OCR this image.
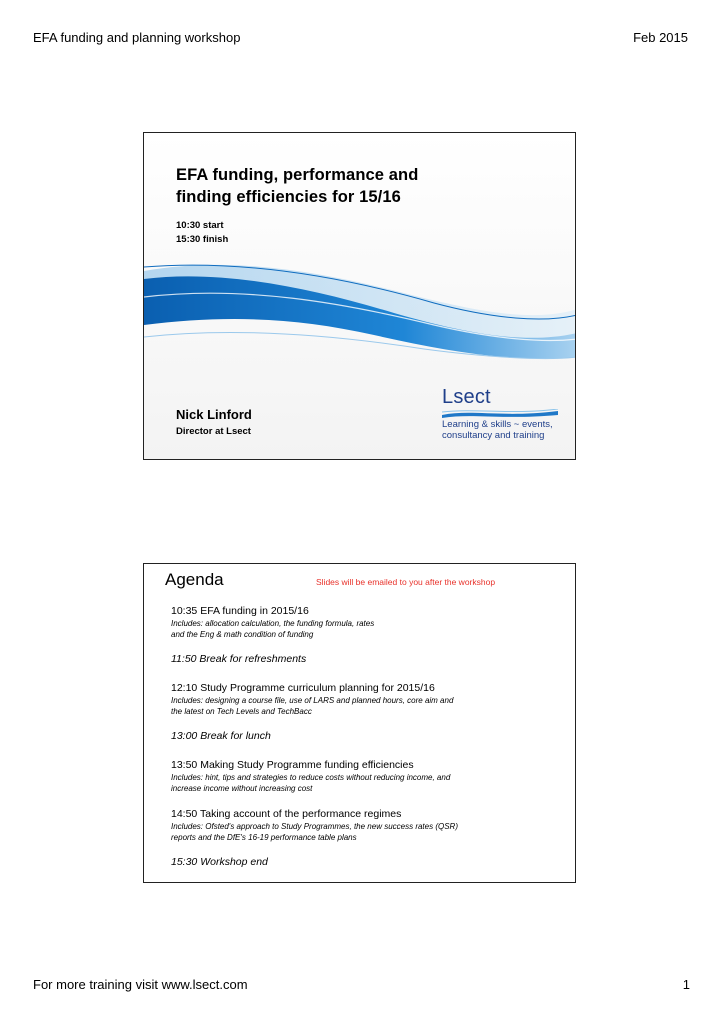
EFA funding and planning workshop	Feb 2015
EFA funding, performance and
finding efficiencies for 15/16
10:30 start
15:30 finish
Nick Linford
Director at Lsect
Lsect
Learning & skills ~ events,
consultancy and training
Agenda	Slides will be emailed to you after the workshop
10:35 EFA funding in 2015/16
Includes: allocation calculation, the funding formula, rates
and the Eng & math condition of funding
11:50 Break for refreshments
12:10 Study Programme curriculum planning for 2015/16
Includes: designing a course file, use of LARS and planned hours, core aim and
the latest on Tech Levels and TechBacc
13:00 Break for lunch
13:50 Making Study Programme funding efficiencies
Includes: hint, tips and strategies to reduce costs without reducing income, and
increase income without increasing cost
14:50 Taking account of the performance regimes
Includes: Ofsted's approach to Study Programmes, the new success rates (QSR)
reports and the DfE's 16-19 performance table plans
15:30 Workshop end
For more training visit www.lsect.com	1
